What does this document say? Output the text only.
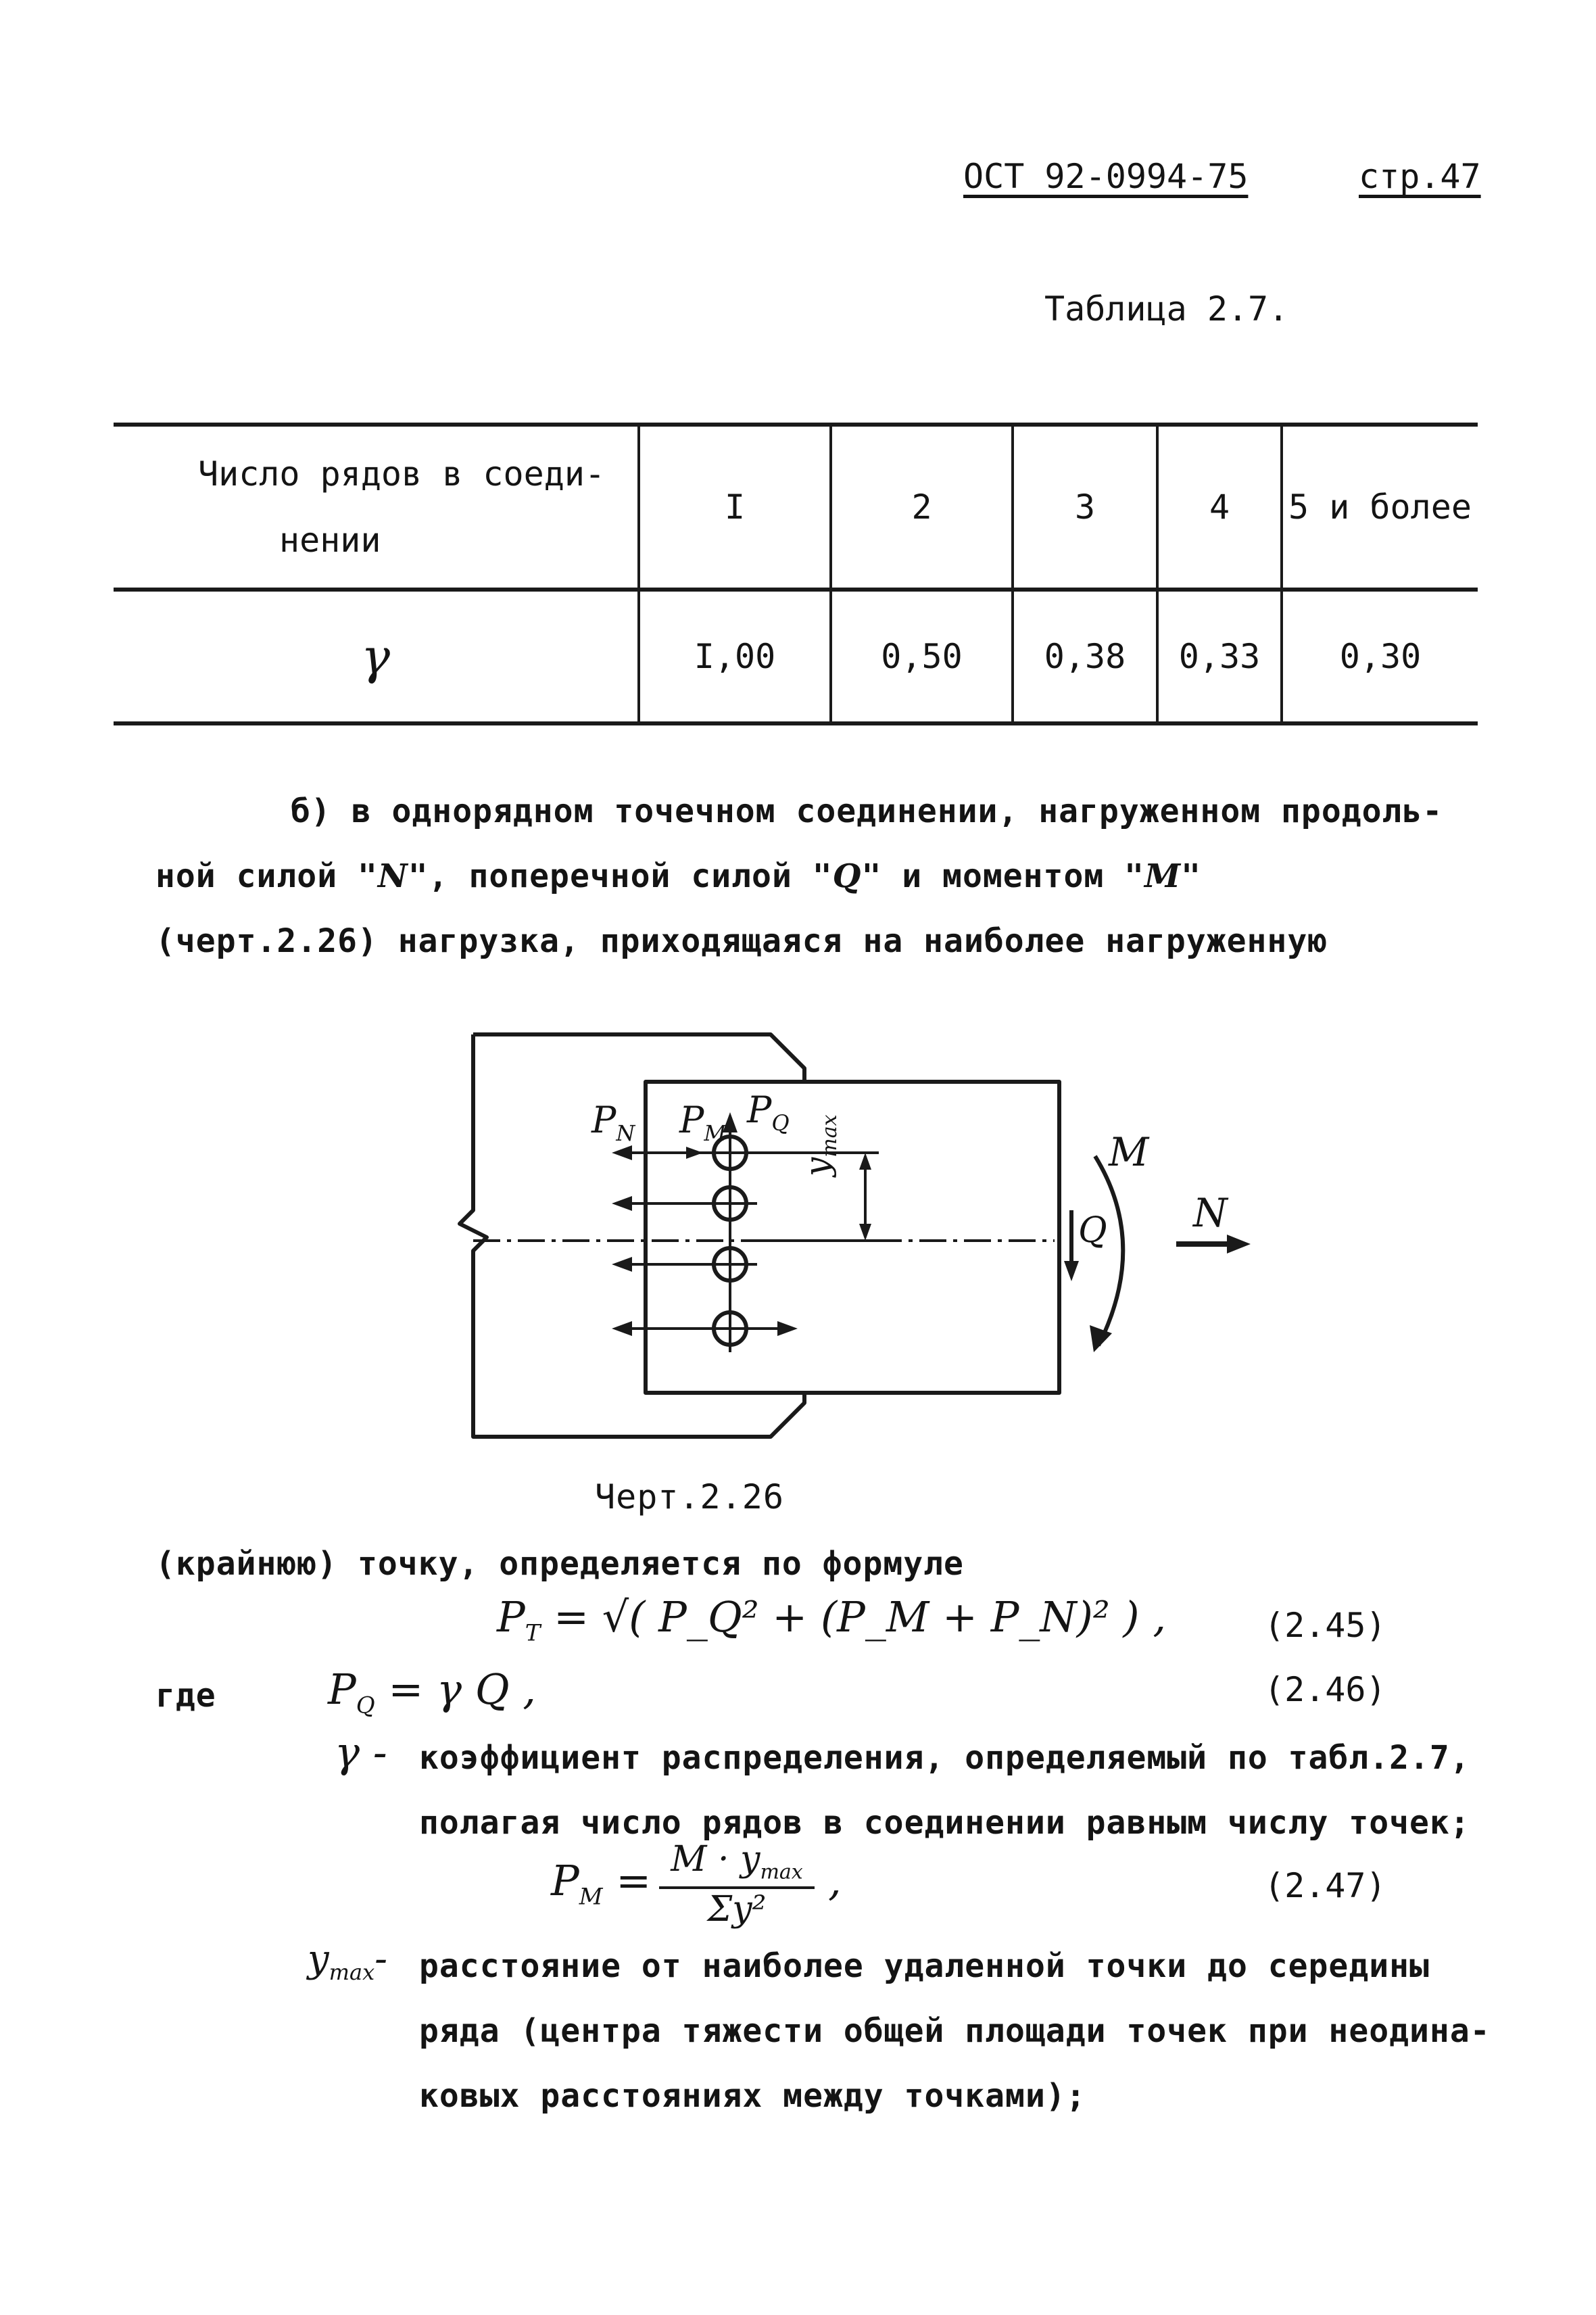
ОСТ 92-0994-75	стр.47
Таблица 2.7.
Число рядов в соеди-
нении	I	2	3	4	5 и более
γ	I,00	0,50	0,38	0,33	0,30
б) в однорядном точечном соединении, нагруженном продоль-
ной силой "N", поперечной силой "Q" и моментом "M"
(черт.2.26) нагрузка, приходящаяся на наиболее нагруженную
$P_N$ $P_M$
$P_Q$
$y_{max}$	M
Q N
Черт.2.26
(крайнюю) точку, определяется по формуле
$P_T$ = √( P_Q² + (P_M + P_N)² ) ,	(2.45)
где	$P_Q = \gamma$ Q ,	(2.46)
γ - коэффициент распределения, определяемый по табл.2.7,
полагая число рядов в соединении равным числу точек;
$P_M = M \cdot y_{max}$
Σy²
,	(2.47)
$y_{max}-$ расстояние от наиболее удаленной точки до середины
ряда (центра тяжести общей площади точек при неодина-
ковых расстояниях между точками);
